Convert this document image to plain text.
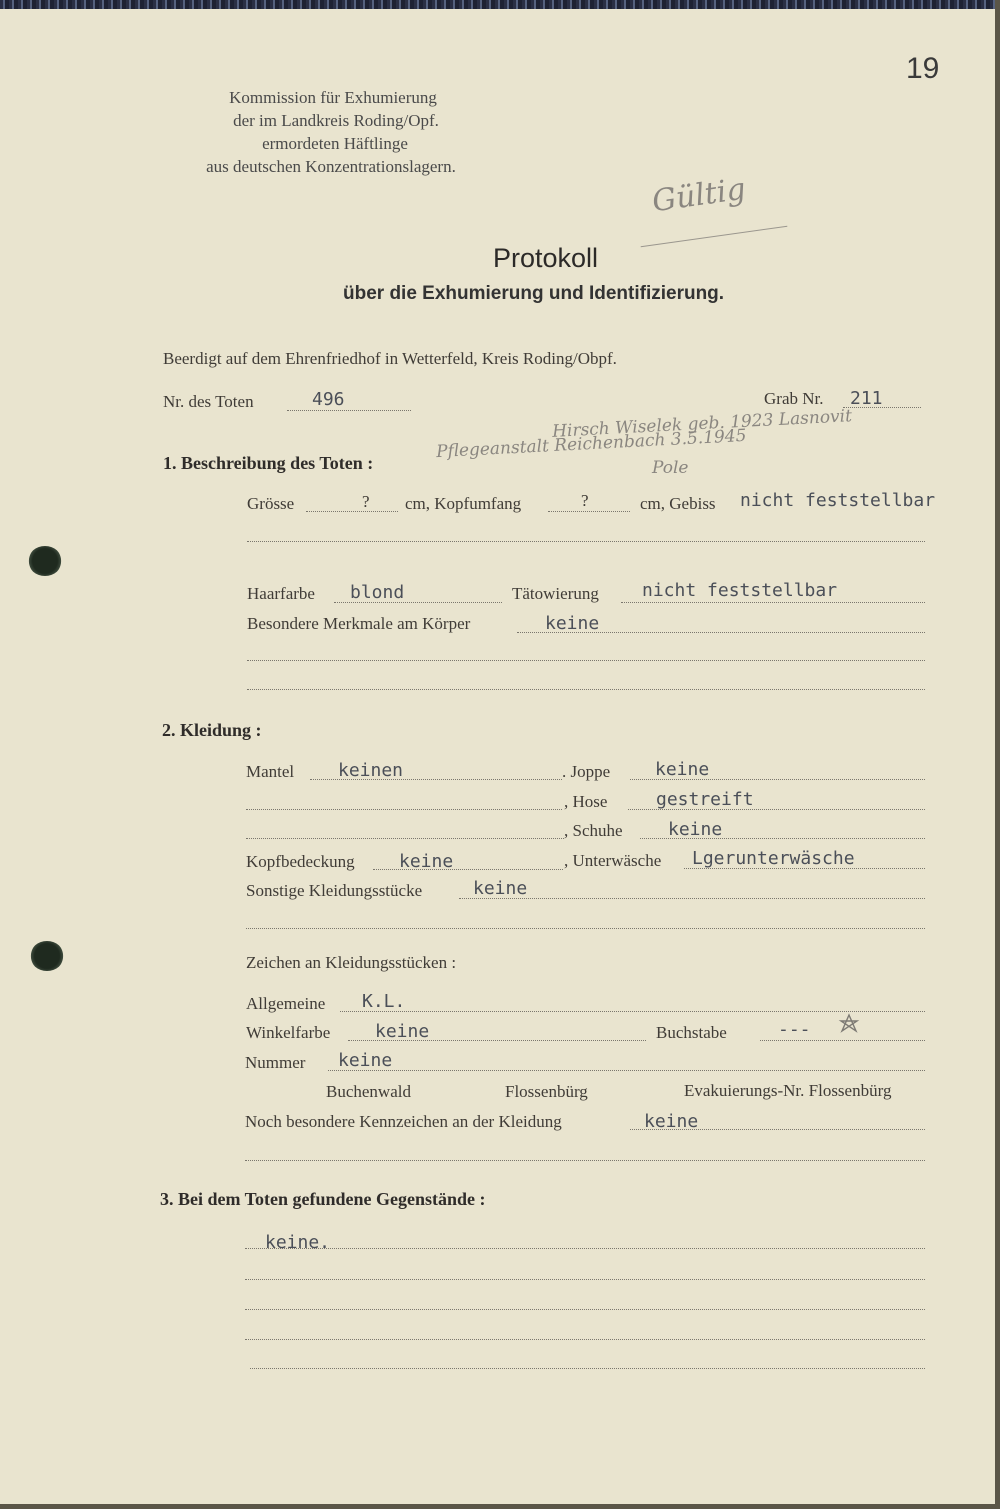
19
Kommission für Exhumierung
der im Landkreis Roding/Opf.
ermordeten Häftlinge
aus deutschen Konzentrationslagern.
Gültig
Protokoll
über die Exhumierung und Identifizierung.
Beerdigt auf dem Ehrenfriedhof in Wetterfeld, Kreis Roding/Obpf.
Nr. des Toten	496	Grab Nr. 211
Hirsch Wiselek geb. 1923 Lasnovit
Pflegeanstalt Reichenbach 3.5.1945
Pole
1. Beschreibung des Toten :
Grösse	? cm, Kopfumfang	?	cm, Gebiss nicht feststellbar
Haarfarbe blond	Tätowierung nicht feststellbar
Besondere Merkmale am Körper	keine
2. Kleidung :
Mantel keinen	. Joppe keine
, Hose	gestreift
, Schuhe	keine
Kopfbedeckung keine	, Unterwäsche Lgerunterwäsche
Sonstige Kleidungsstücke	keine
Zeichen an Kleidungsstücken :
Allgemeine K.L.
Winkelfarbe keine	Buchstabe	---
Nummer keine
Buchenwald	Flossenbürg	Evakuierungs-Nr. Flossenbürg
Noch besondere Kennzeichen an der Kleidung	keine
3. Bei dem Toten gefundene Gegenstände :
keine.
